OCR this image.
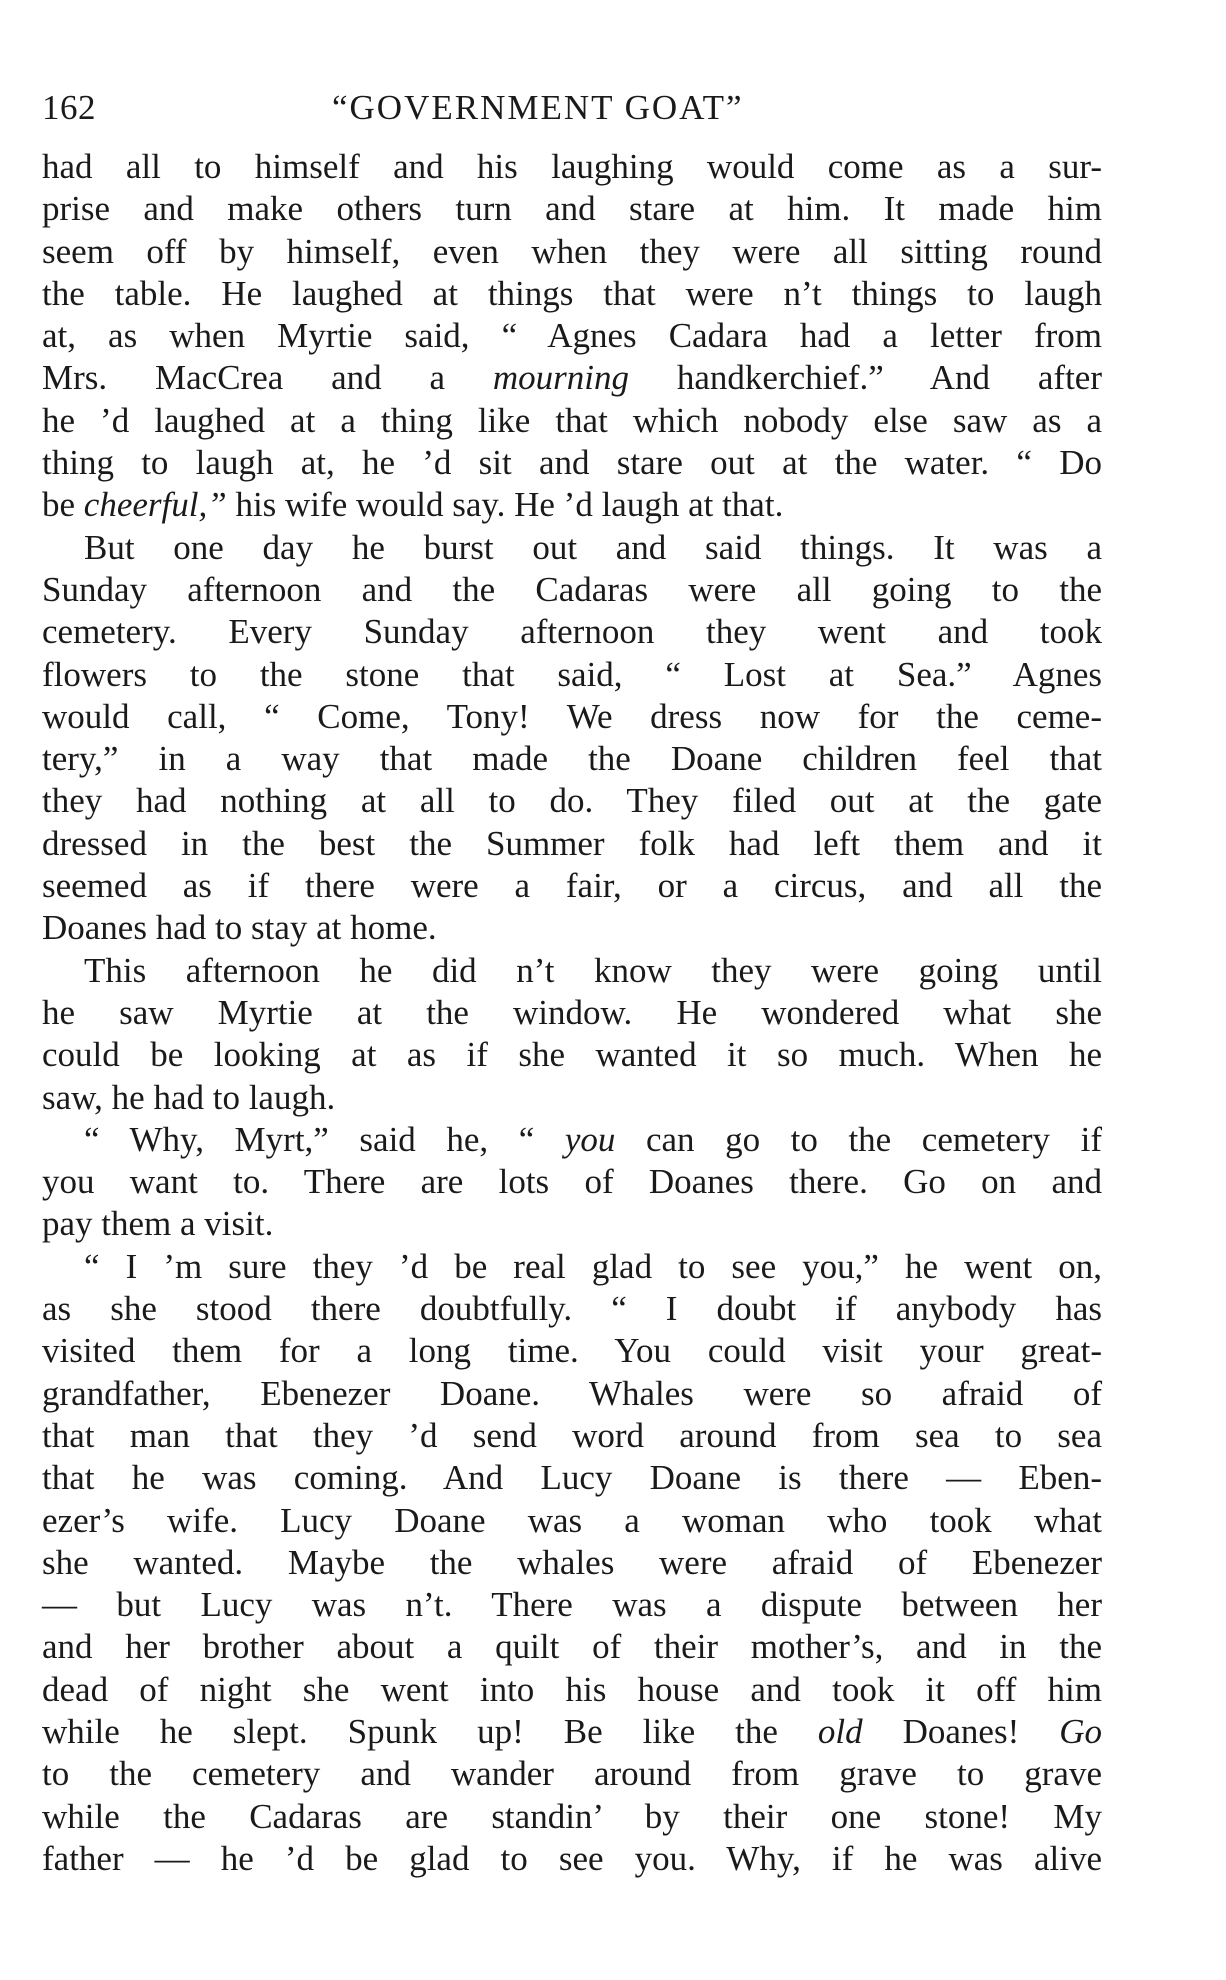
162	“GOVERNMENT GOAT”
had all to himself and his laughing would come as a sur-
prise and make others turn and stare at him. It made him
seem off by himself, even when they were all sitting round
the table. He laughed at things that were n’t things to laugh
at, as when Myrtie said, “ Agnes Cadara had a letter from
Mrs. MacCrea and a mourning handkerchief.” And after
he ’d laughed at a thing like that which nobody else saw as a
thing to laugh at, he ’d sit and stare out at the water. “ Do
be cheerful,” his wife would say. He ’d laugh at that.
But one day he burst out and said things. It was a
Sunday afternoon and the Cadaras were all going to the
cemetery. Every Sunday afternoon they went and took
flowers to the stone that said, “ Lost at Sea.” Agnes
would call, “ Come, Tony! We dress now for the ceme-
tery,” in a way that made the Doane children feel that
they had nothing at all to do. They filed out at the gate
dressed in the best the Summer folk had left them and it
seemed as if there were a fair, or a circus, and all the
Doanes had to stay at home.
This afternoon he did n’t know they were going until
he saw Myrtie at the window. He wondered what she
could be looking at as if she wanted it so much. When he
saw, he had to laugh.
“ Why, Myrt,” said he, “ you can go to the cemetery if
you want to. There are lots of Doanes there. Go on and
pay them a visit.
“ I ’m sure they ’d be real glad to see you,” he went on,
as she stood there doubtfully. “ I doubt if anybody has
visited them for a long time. You could visit your great-
grandfather, Ebenezer Doane. Whales were so afraid of
that man that they ’d send word around from sea to sea
that he was coming. And Lucy Doane is there — Eben-
ezer’s wife. Lucy Doane was a woman who took what
she wanted. Maybe the whales were afraid of Ebenezer
— but Lucy was n’t. There was a dispute between her
and her brother about a quilt of their mother’s, and in the
dead of night she went into his house and took it off him
while he slept. Spunk up! Be like the old Doanes! Go
to the cemetery and wander around from grave to grave
while the Cadaras are standin’ by their one stone! My
father — he ’d be glad to see you. Why, if he was alive
